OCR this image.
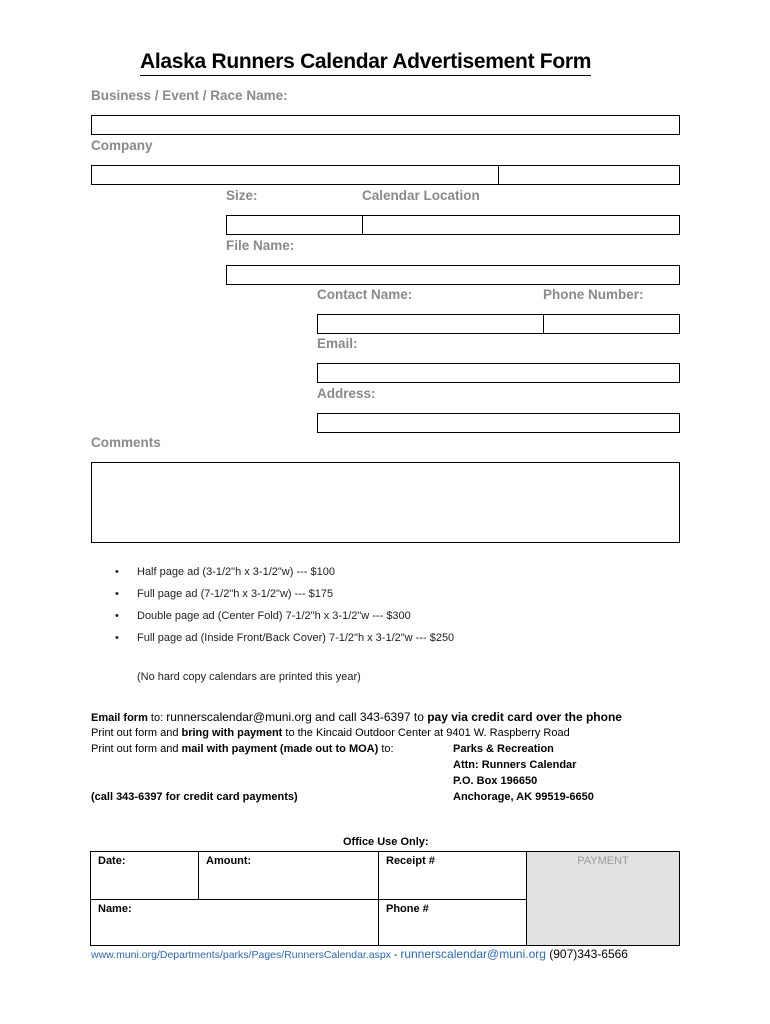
Alaska Runners Calendar Advertisement Form
Business / Event / Race Name:
Company
Size:	Calendar Location
File Name:
Contact Name:	Phone Number:
Email:
Address:
Comments
• Half page ad (3-1/2"h x 3-1/2"w) --- $100
• Full page ad (7-1/2"h x 3-1/2"w) --- $175
• Double page ad (Center Fold) 7-1/2"h x 3-1/2"w --- $300
• Full page ad (Inside Front/Back Cover) 7-1/2"h x 3-1/2"w --- $250
(No hard copy calendars are printed this year)
Email form to: runnerscalendar@muni.org and call 343-6397 to pay via credit card over the phone
Print out form and bring with payment to the Kincaid Outdoor Center at 9401 W. Raspberry Road
Print out form and mail with payment (made out to MOA) to:	Parks & Recreation
Attn: Runners Calendar
P.O. Box 196650
Anchorage, AK 99519-6650
(call 343-6397 for credit card payments)
Office Use Only:
Date:	Amount:	Receipt #	PAYMENT
Name:	Phone #
www.muni.org/Departments/parks/Pages/RunnersCalendar.aspx - runnerscalendar@muni.org (907)343-6566
